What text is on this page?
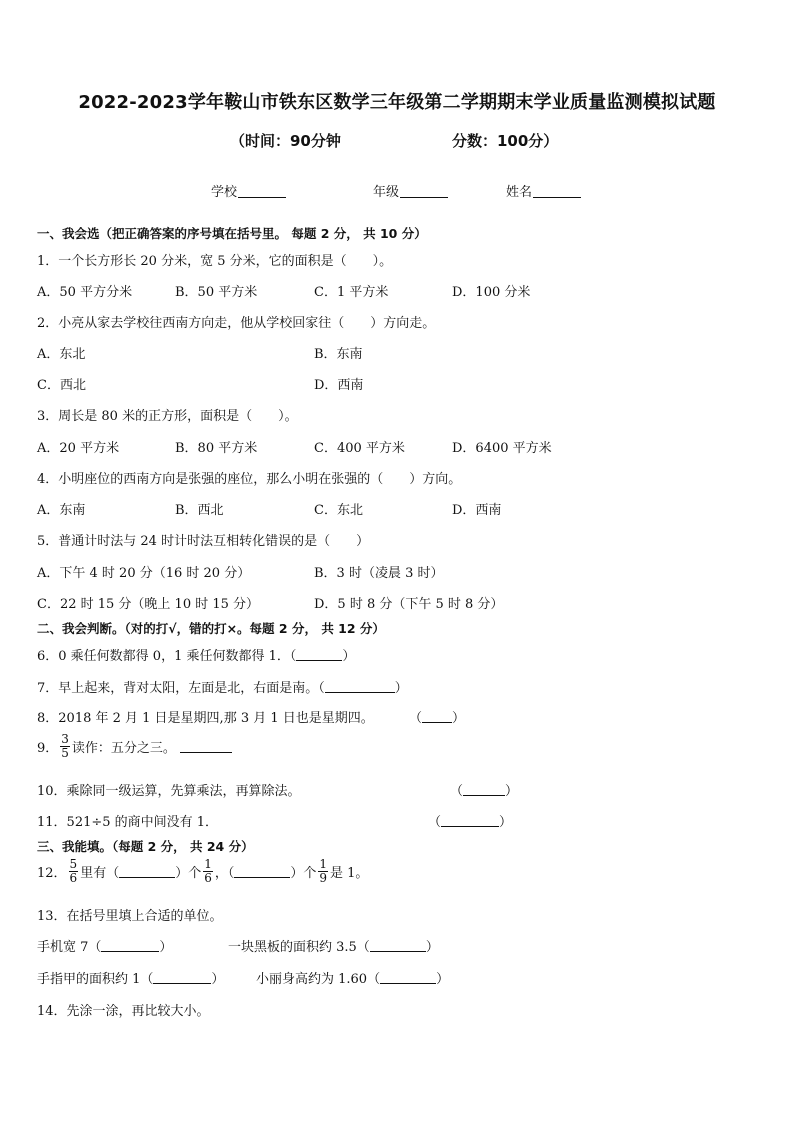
2022-2023学年鞍山市铁东区数学三年级第二学期期末学业质量监测模拟试题
（时间：90分钟	分数：100分）
学校	年级	姓名
一、我会选（把正确答案的序号填在括号里。 每题 2 分， 共 10 分）
1．一个长方形长 20 分米，宽 5 分米，它的面积是（　　）。
A．50 平方分米	B．50 平方米	C．1 平方米	D．100 分米
2．小亮从家去学校往西南方向走，他从学校回家往（　　）方向走。
A．东北	B．东南
C．西北	D．西南
3．周长是 80 米的正方形，面积是（　　）。
A．20 平方米	B．80 平方米	C．400 平方米	D．6400 平方米
4．小明座位的西南方向是张强的座位，那么小明在张强的（　　）方向。
A．东南	B．西北	C．东北	D．西南
5．普通计时法与 24 时计时法互相转化错误的是（　　）
A．下午 4 时 20 分（16 时 20 分）	B．3 时（凌晨 3 时）
C．22 时 15 分（晚上 10 时 15 分）	D．5 时 8 分（下午 5 时 8 分）
二、我会判断。（对的打√，错的打×。每题 2 分， 共 12 分）
6．0 乘任何数都得 0，1 乘任何数都得 1．（	）
7．早上起来，背对太阳，左面是北，右面是南。（	）
8．2018 年 2 月 1 日是星期四,那 3 月 1 日也是星期四。	（ ）
9． $\frac{3}{5}$ 读作：五分之三。
10．乘除同一级运算，先算乘法，再算除法。	（	）
11．521÷5 的商中间没有 1．	（	）
三、我能填。（每题 2 分， 共 24 分）
12． $\frac{5}{6}$ 里有（	）个 $\frac{1}{6}$ ，（	）个 $\frac{1}{9}$ 是 1。
13．在括号里填上合适的单位。
手机宽 7（	）	一块黑板的面积约 3.5（	）
手指甲的面积约 1（	） 小丽身高约为 1.60（	）
14．先涂一涂，再比较大小。
